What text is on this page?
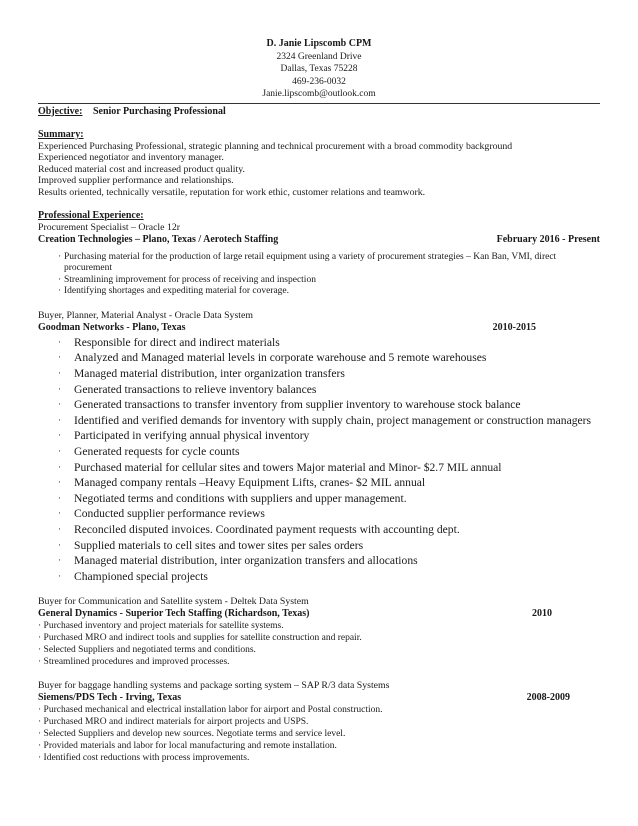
D. Janie Lipscomb CPM
2324 Greenland Drive
Dallas, Texas 75228
469-236-0032
Janie.lipscomb@outlook.com
Objective: Senior Purchasing Professional
Summary:
Experienced Purchasing Professional, strategic planning and technical procurement with a broad commodity background
Experienced negotiator and inventory manager.
Reduced material cost and increased product quality.
Improved supplier performance and relationships.
Results oriented, technically versatile, reputation for work ethic, customer relations and teamwork.
Professional Experience:
Procurement Specialist – Oracle 12r
Creation Technologies – Plano, Texas / Aerotech Staffing	February 2016 - Present
· Purchasing material for the production of large retail equipment using a variety of procurement strategies – Kan Ban, VMI, direct procurement
· Streamlining improvement for process of receiving and inspection
· Identifying shortages and expediting material for coverage.
Buyer, Planner, Material Analyst - Oracle Data System
Goodman Networks - Plano, Texas	2010-2015
· Responsible for direct and indirect materials
· Analyzed and Managed material levels in corporate warehouse and 5 remote warehouses
· Managed material distribution, inter organization transfers
· Generated transactions to relieve inventory balances
· Generated transactions to transfer inventory from supplier inventory to warehouse stock balance
· Identified and verified demands for inventory with supply chain, project management or construction managers
· Participated in verifying annual physical inventory
· Generated requests for cycle counts
· Purchased material for cellular sites and towers Major material and Minor- $2.7 MIL annual
· Managed company rentals –Heavy Equipment Lifts, cranes- $2 MIL annual
· Negotiated terms and conditions with suppliers and upper management.
· Conducted supplier performance reviews
· Reconciled disputed invoices. Coordinated payment requests with accounting dept.
· Supplied materials to cell sites and tower sites per sales orders
· Managed material distribution, inter organization transfers and allocations
· Championed special projects
Buyer for Communication and Satellite system - Deltek Data System
General Dynamics - Superior Tech Staffing (Richardson, Texas)	2010
· Purchased inventory and project materials for satellite systems.
· Purchased MRO and indirect tools and supplies for satellite construction and repair.
· Selected Suppliers and negotiated terms and conditions.
· Streamlined procedures and improved processes.
Buyer for baggage handling systems and package sorting system – SAP R/3 data Systems
Siemens/PDS Tech - Irving, Texas	2008-2009
· Purchased mechanical and electrical installation labor for airport and Postal construction.
· Purchased MRO and indirect materials for airport projects and USPS.
· Selected Suppliers and develop new sources. Negotiate terms and service level.
· Provided materials and labor for local manufacturing and remote installation.
· Identified cost reductions with process improvements.
